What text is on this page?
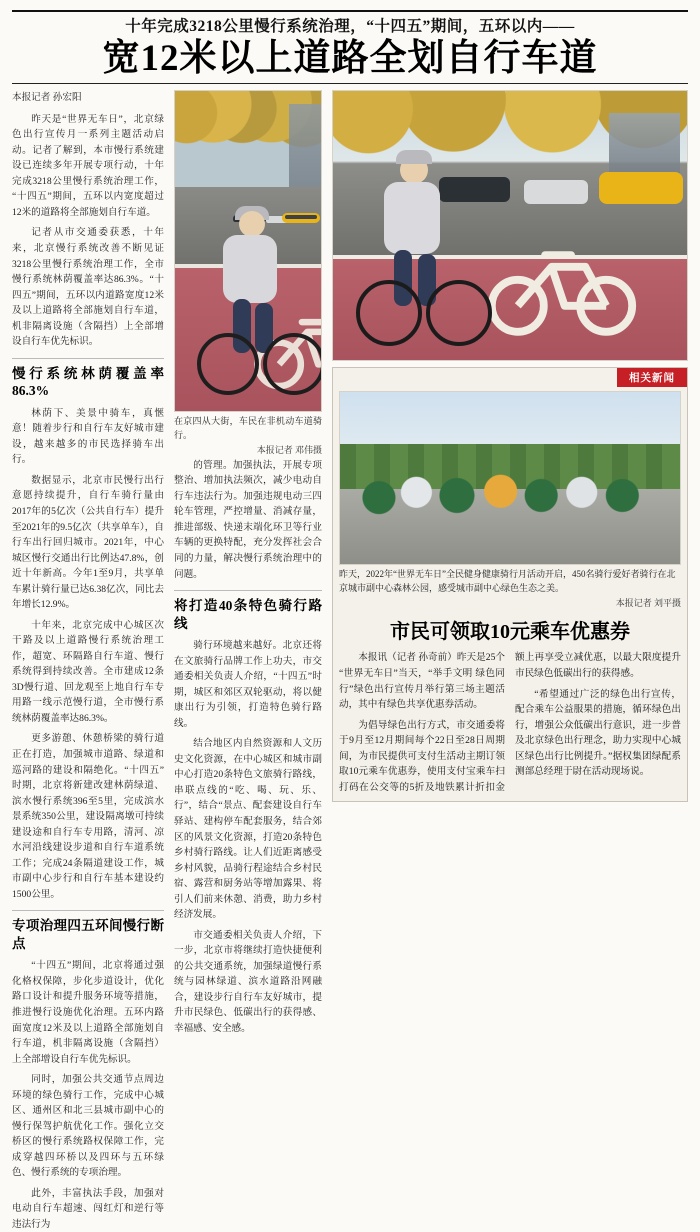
十年完成3218公里慢行系统治理，“十四五”期间，五环以内——
宽12米以上道路全划自行车道

本报记者 孙宏阳

昨天是“世界无车日”，北京绿色出行宣传月一系列主题活动启动。记者了解到，本市慢行系统建设已连续多年开展专项行动，十年完成3218公里慢行系统治理工作，“十四五”期间，五环以内宽度超过12米的道路将全部施划自行车道。

记者从市交通委获悉，十年来，北京慢行系统改善不断见证3218公里慢行系统治理工作，全市慢行系统林荫覆盖率达86.3%。“十四五”期间，五环以内道路宽度12米及以上道路将全部施划自行车道，机非隔离设施（含隔挡）上全部增设自行车优先标识。

慢行系统林荫覆盖率86.3%

林荫下、美景中骑车，真惬意！随着步行和自行车友好城市建设，越来越多的市民选择骑车出行。

数据显示，北京市民慢行出行意愿持续提升，自行车骑行量由2017年的5亿次（公共自行车）提升至2021年的9.5亿次（共享单车），自行车出行回归城市。2021年，中心城区慢行交通出行比例达47.8%，创近十年新高。今年1至9月，共享单车累计骑行量已达6.38亿次，同比去年增长12.9%。

十年来，北京完成中心城区次干路及以上道路慢行系统治理工作，超宽、环隔路自行车道、慢行系统得到持续改善。全市建成12条3D慢行道、回龙观至上地自行车专用路一线示范慢行道，全市慢行系统林荫覆盖率达86.3%。

更多游憩、休憩桥梁的骑行道正在打造，加强城市道路、绿道和巡河路的建设和隔绝化。“十四五”时期，北京将新建改建林荫绿道、滨水慢行系统396至5里，完成滨水景系统350公里，建设隔离墩可持续建设途和自行车专用路，清河、凉水河沿线建设步道和自行车道系统工作；完成24条隔道建设工作，城市副中心步行和自行车基本建设约1500公里。

专项治理四五环间慢行断点

“十四五”期间，北京将通过强化格权保障，步化步道设计，优化路口设计和提升服务环境等措施，推进慢行设施优化治理。五环内路面宽度12米及以上道路全部施划自行车道，机非隔离设施（含隔挡）上全部增设自行车优先标识。

同时，加强公共交通节点周边环境的绿色骑行工作，完成中心城区、通州区和北三县城市副中心的慢行保驾护航优化工作。强化立交桥区的慢行系统路权保障工作，完成穿越四环桥以及四环与五环绿色、慢行系统的专项治理。

此外，丰富执法手段，加强对电动自行车超速、闯红灯和逆行等违法行为

在京四从大街，车民在非机动车道骑行。

本报记者 邓伟摄

的管理。加强执法，开展专项整治、增加执法频次，减少电动自行车违法行为。加强违规电动三四轮车管理，严控增量、消减存量，推进部级、快递末端化环卫等行业车辆的更换特配，充分发挥社会合同的力量，解决慢行系统治理中的问题。

将打造40条特色骑行路线

骑行环境越来越好。北京还将在文旅骑行品牌工作上功夫，市交通委相关负责人介绍，“十四五”时期，城区和郊区双轮驱动，将以健康出行为引领，打造特色骑行路线。

结合地区内自然资源和人文历史文化资源，在中心城区和城市副中心打造20条特色文旅骑行路线，串联点线的“吃、喝、玩、乐、行”，结合“景点、配套建设自行车驿站、建构停车配套服务，结合郊区的风景文化资源，打造20条特色乡村骑行路线。让人们近距离感受乡村风貌，品骑行程途结合乡村民宿、露营和厨务站等增加露果、将引人们前来休憩、消费，助力乡村经济发展。

市交通委相关负责人介绍，下一步，北京市将继续打造快捷便利的公共交通系统，加强绿道慢行系统与园林绿道、滨水道路沿网融合，建设步行自行车友好城市，提升市民绿色、低碳出行的获得感、幸福感、安全感。

相关新闻

昨天，2022年“世界无车日”全民健身健康骑行月活动开启，450名骑行爱好者骑行在北京城市副中心森林公园，感受城市副中心绿色生态之美。

本报记者 刘平摄

市民可领取10元乘车优惠券

本报讯（记者 孙奇前）昨天是25个“世界无车日”当天，“举手文明 绿色同行”绿色出行宣传月举行第三场主题活动，其中有绿色共享优惠券活动。

为倡导绿色出行方式，市交通委将于9月至12月期间每个22日至28日周期间，为市民提供可支付生活动主期订领取10元乘车优惠券，使用支付宝乘车扫打码在公交等的5折及地铁累计折扣金额上再享受立减优惠，以最大限度提升市民绿色低碳出行的获得感。

“希望通过广泛的绿色出行宣传，配合乘车公益服果的措施，循环绿色出行，增强公众低碳出行意识，进一步普及北京绿色出行理念，助力实现中心城区绿色出行比例提升。”据权集团绿配系测部总经理于尉在活动现场说。
